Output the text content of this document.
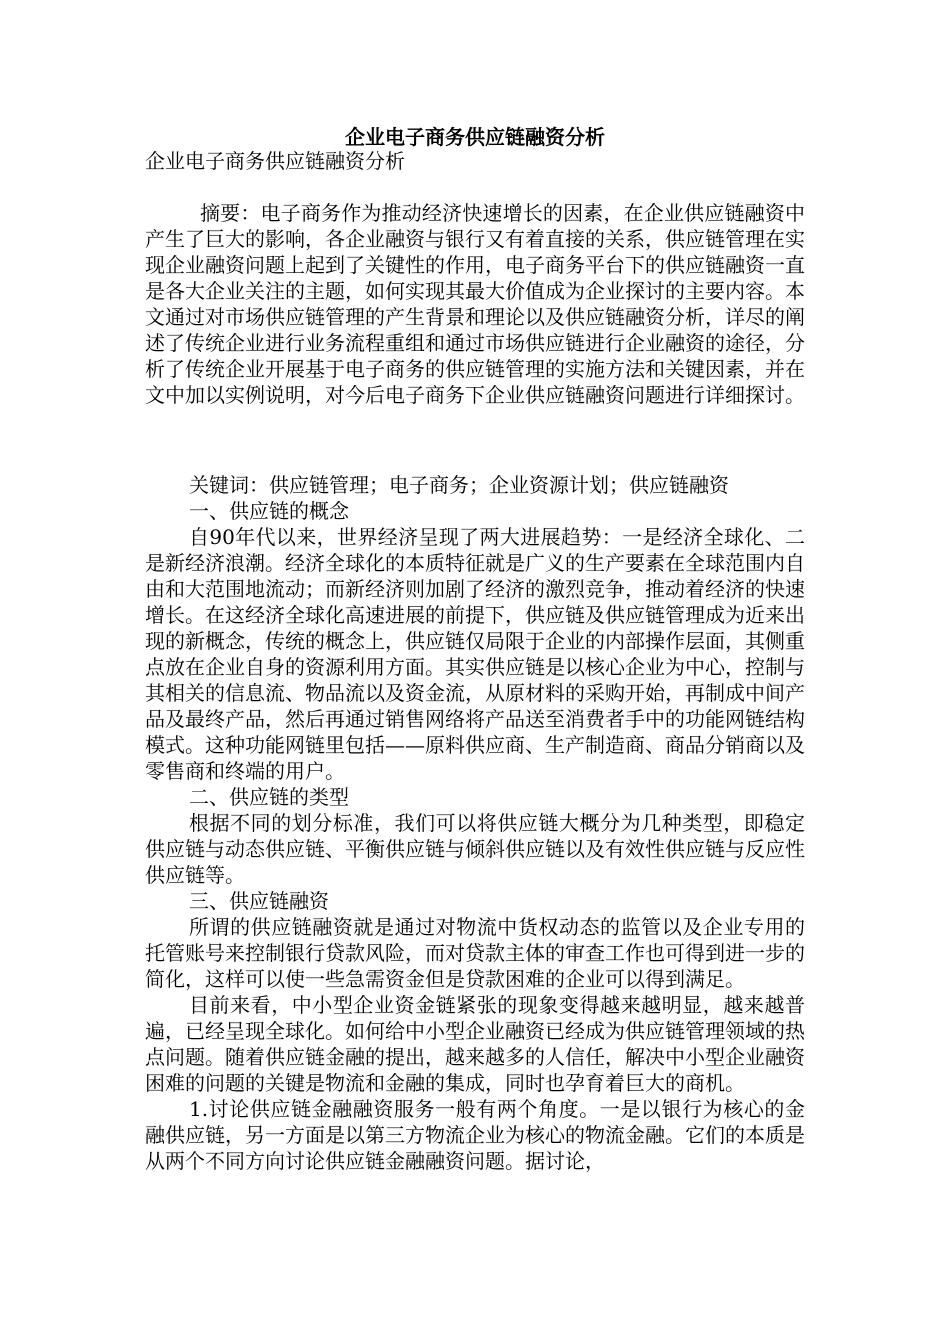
企业电子商务供应链融资分析

企业电子商务供应链融资分析

摘要：电子商务作为推动经济快速增长的因素，在企业供应链融资中产生了巨大的影响，各企业融资与银行又有着直接的关系，供应链管理在实现企业融资问题上起到了关键性的作用，电子商务平台下的供应链融资一直是各大企业关注的主题，如何实现其最大价值成为企业探讨的主要内容。本文通过对市场供应链管理的产生背景和理论以及供应链融资分析，详尽的阐述了传统企业进行业务流程重组和通过市场供应链进行企业融资的途径，分析了传统企业开展基于电子商务的供应链管理的实施方法和关键因素，并在文中加以实例说明，对今后电子商务下企业供应链融资问题进行详细探讨。

关键词：供应链管理；电子商务；企业资源计划；供应链融资

一、供应链的概念

自90年代以来，世界经济呈现了两大进展趋势：一是经济全球化、二是新经济浪潮。经济全球化的本质特征就是广义的生产要素在全球范围内自由和大范围地流动；而新经济则加剧了经济的激烈竞争，推动着经济的快速增长。在这经济全球化高速进展的前提下，供应链及供应链管理成为近来出现的新概念，传统的概念上，供应链仅局限于企业的内部操作层面，其侧重点放在企业自身的资源利用方面。其实供应链是以核心企业为中心，控制与其相关的信息流、物品流以及资金流，从原材料的采购开始，再制成中间产品及最终产品，然后再通过销售网络将产品送至消费者手中的功能网链结构模式。这种功能网链里包括——原料供应商、生产制造商、商品分销商以及零售商和终端的用户。

二、供应链的类型

根据不同的划分标准，我们可以将供应链大概分为几种类型，即稳定供应链与动态供应链、平衡供应链与倾斜供应链以及有效性供应链与反应性供应链等。

三、供应链融资

所谓的供应链融资就是通过对物流中货权动态的监管以及企业专用的托管账号来控制银行贷款风险，而对贷款主体的审查工作也可得到进一步的简化，这样可以使一些急需资金但是贷款困难的企业可以得到满足。

目前来看，中小型企业资金链紧张的现象变得越来越明显，越来越普遍，已经呈现全球化。如何给中小型企业融资已经成为供应链管理领域的热点问题。随着供应链金融的提出，越来越多的人信任，解决中小型企业融资困难的问题的关键是物流和金融的集成，同时也孕育着巨大的商机。

1.讨论供应链金融融资服务一般有两个角度。一是以银行为核心的金融供应链，另一方面是以第三方物流企业为核心的物流金融。它们的本质是从两个不同方向讨论供应链金融融资问题。据讨论，
